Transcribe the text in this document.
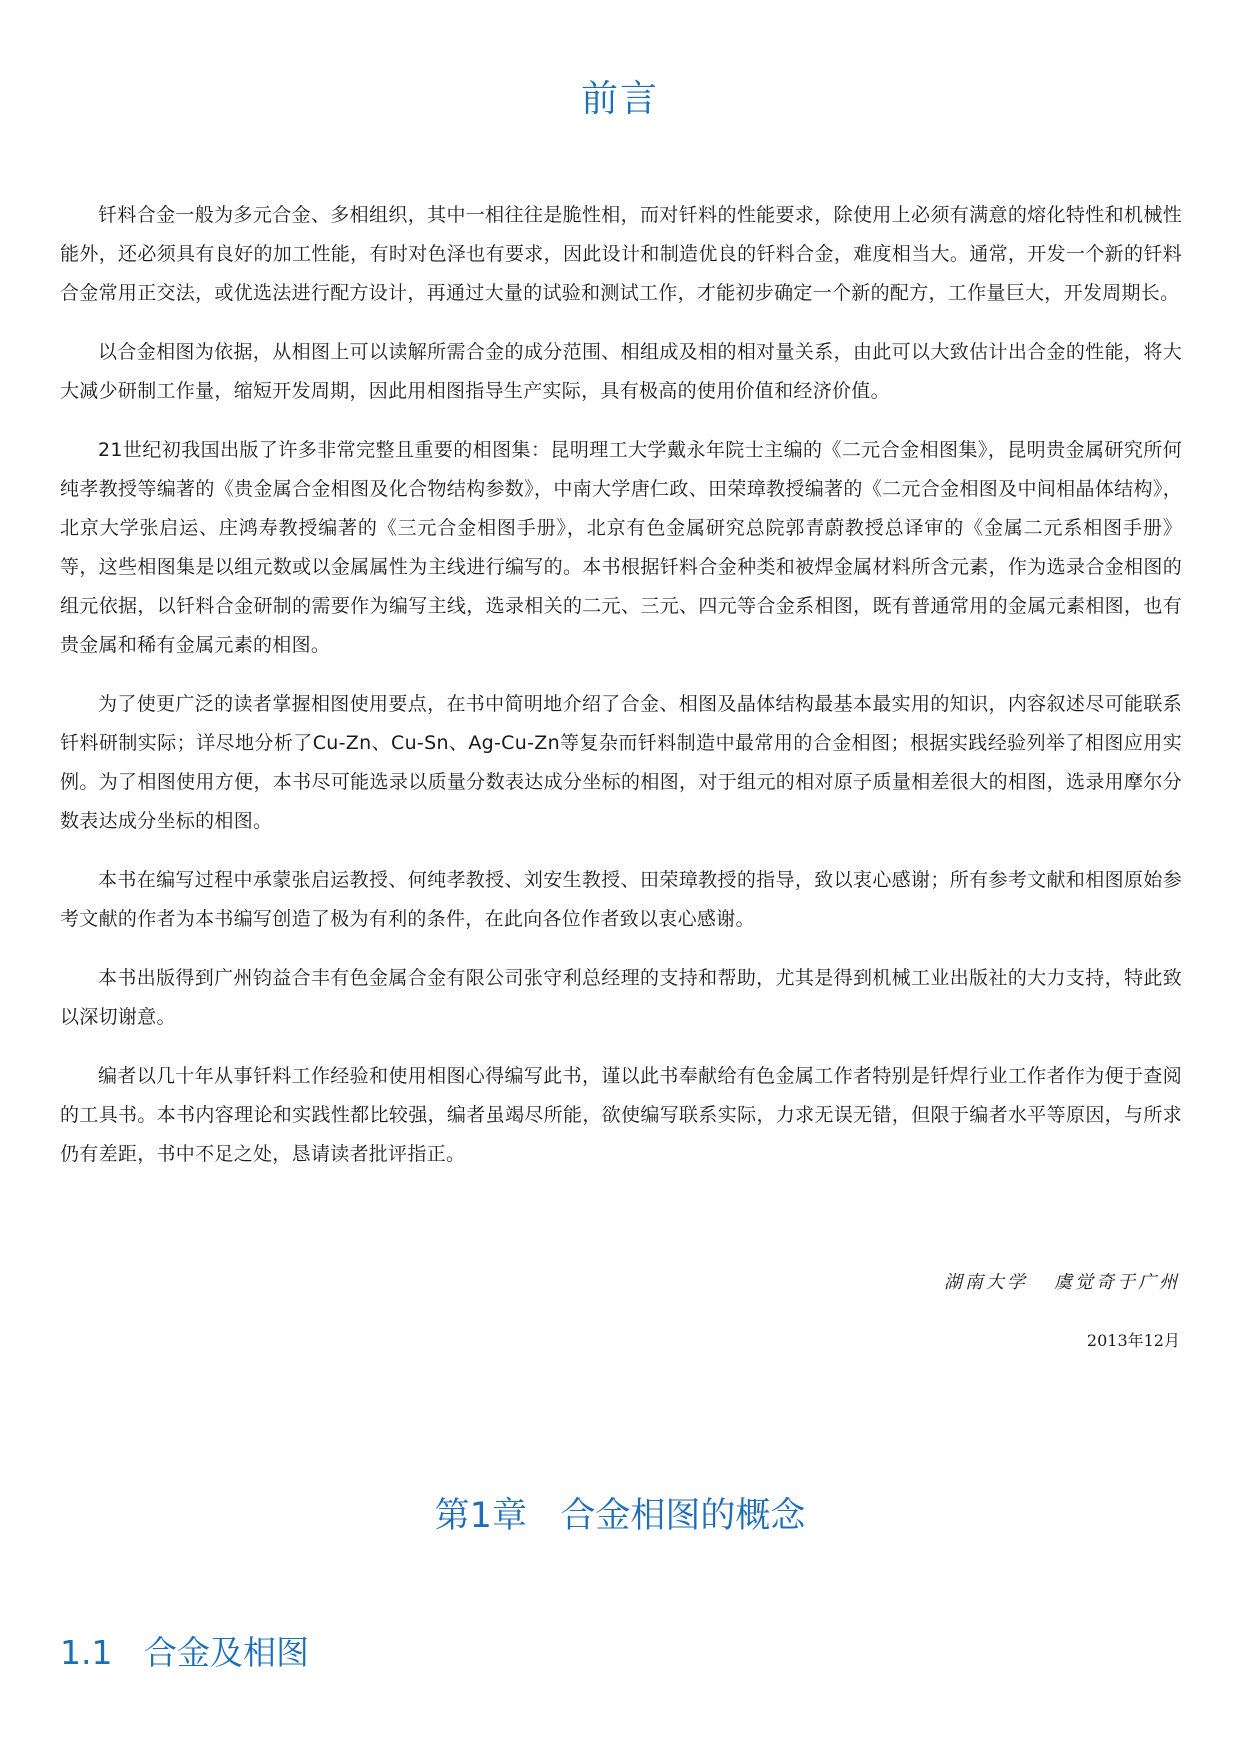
前言

钎料合金一般为多元合金、多相组织，其中一相往往是脆性相，而对钎料的性能要求，除使用上必须有满意的熔化特性和机械性能外，还必须具有良好的加工性能，有时对色泽也有要求，因此设计和制造优良的钎料合金，难度相当大。通常，开发一个新的钎料合金常用正交法，或优选法进行配方设计，再通过大量的试验和测试工作，才能初步确定一个新的配方，工作量巨大，开发周期长。

以合金相图为依据，从相图上可以读解所需合金的成分范围、相组成及相的相对量关系，由此可以大致估计出合金的性能，将大大减少研制工作量，缩短开发周期，因此用相图指导生产实际，具有极高的使用价值和经济价值。

21世纪初我国出版了许多非常完整且重要的相图集：昆明理工大学戴永年院士主编的《二元合金相图集》，昆明贵金属研究所何纯孝教授等编著的《贵金属合金相图及化合物结构参数》，中南大学唐仁政、田荣璋教授编著的《二元合金相图及中间相晶体结构》，北京大学张启运、庄鸿寿教授编著的《三元合金相图手册》，北京有色金属研究总院郭青蔚教授总译审的《金属二元系相图手册》等，这些相图集是以组元数或以金属属性为主线进行编写的。本书根据钎料合金种类和被焊金属材料所含元素，作为选录合金相图的组元依据，以钎料合金研制的需要作为编写主线，选录相关的二元、三元、四元等合金系相图，既有普通常用的金属元素相图，也有贵金属和稀有金属元素的相图。

为了使更广泛的读者掌握相图使用要点，在书中简明地介绍了合金、相图及晶体结构最基本最实用的知识，内容叙述尽可能联系钎料研制实际；详尽地分析了Cu-Zn、Cu-Sn、Ag-Cu-Zn等复杂而钎料制造中最常用的合金相图；根据实践经验列举了相图应用实例。为了相图使用方便，本书尽可能选录以质量分数表达成分坐标的相图，对于组元的相对原子质量相差很大的相图，选录用摩尔分数表达成分坐标的相图。

本书在编写过程中承蒙张启运教授、何纯孝教授、刘安生教授、田荣璋教授的指导，致以衷心感谢；所有参考文献和相图原始参考文献的作者为本书编写创造了极为有利的条件，在此向各位作者致以衷心感谢。

本书出版得到广州钧益合丰有色金属合金有限公司张守利总经理的支持和帮助，尤其是得到机械工业出版社的大力支持，特此致以深切谢意。

编者以几十年从事钎料工作经验和使用相图心得编写此书，谨以此书奉献给有色金属工作者特别是钎焊行业工作者作为便于查阅的工具书。本书内容理论和实践性都比较强，编者虽竭尽所能，欲使编写联系实际，力求无误无错，但限于编者水平等原因，与所求仍有差距，书中不足之处，恳请读者批评指正。

湖南大学   虞觉奇于广州
2013年12月
第1章   合金相图的概念
1.1   合金及相图
